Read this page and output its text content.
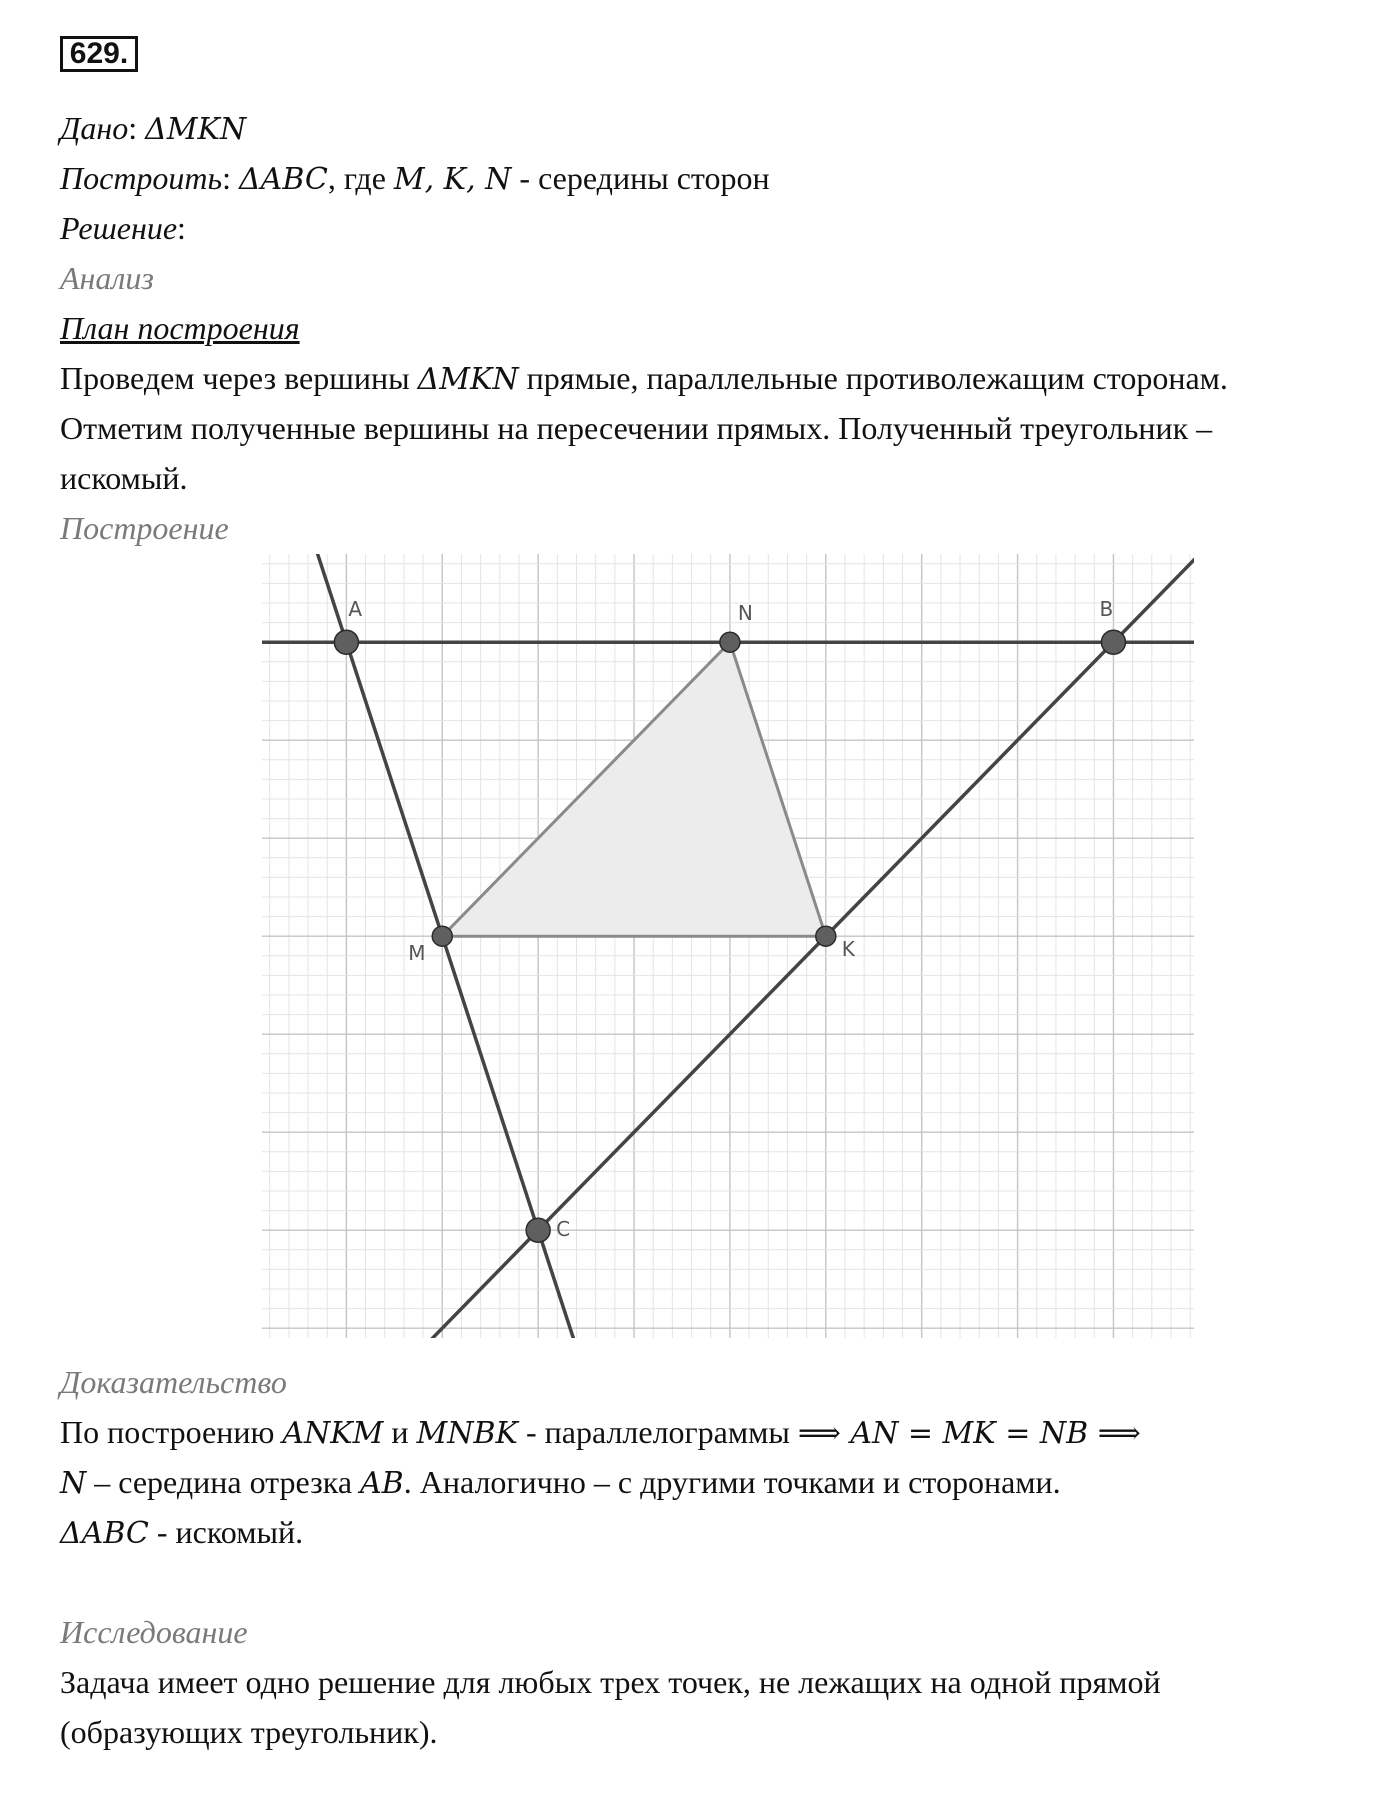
629.
Дано: ΔMKN
Построить: ΔABC, где M, K, N - середины сторон
Решение:
Анализ
План построения
Проведем через вершины ΔMKN прямые, параллельные противолежащим сторонам.
Отметим полученные вершины на пересечении прямых. Полученный треугольник –
искомый.
Построение
A	N	B
M	K
C
Доказательство
По построению ANKM и MNBK - параллелограммы ⟹ AN = MK = NB ⟹
N – середина отрезка AB. Аналогично – с другими точками и сторонами.
ΔABC - искомый.
Исследование
Задача имеет одно решение для любых трех точек, не лежащих на одной прямой
(образующих треугольник).
